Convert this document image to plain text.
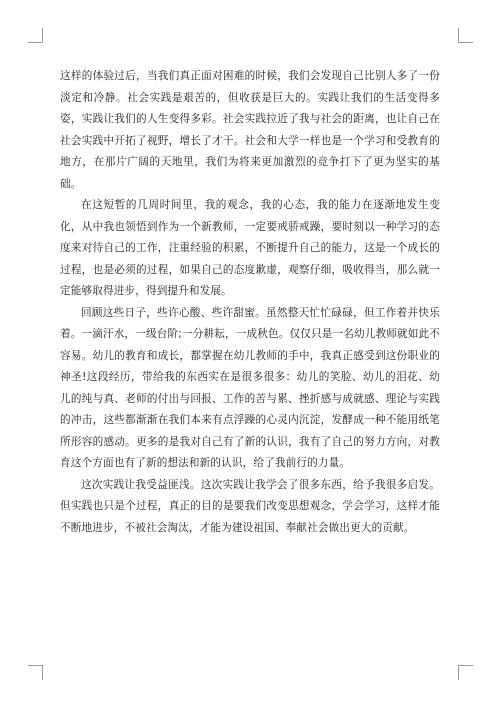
这样的体验过后，当我们真正面对困难的时候，我们会发现自己比别人多了一份淡定和冷静。社会实践是艰苦的，但收获是巨大的。实践让我们的生活变得多姿，实践让我们的人生变得多彩。社会实践拉近了我与社会的距离，也让自己在社会实践中开拓了视野，增长了才干。社会和大学一样也是一个学习和受教育的地方，在那片广阔的天地里，我们为将来更加激烈的竞争打下了更为坚实的基础。

在这短暂的几周时间里，我的观念，我的心态，我的能力在逐渐地发生变化，从中我也领悟到作为一个新教师，一定要戒骄戒躁，要时刻以一种学习的态度来对待自己的工作，注重经验的积累，不断提升自己的能力，这是一个成长的过程，也是必须的过程，如果自己的态度歉虚，观察仔细，吸收得当，那么就一定能够取得进步，得到提升和发展。

回顾这些日子，些许心酸、些许甜蜜。虽然整天忙忙碌碌，但工作着并快乐着。一滴汗水，一级台阶;一分耕耘，一成秋色。仅仅只是一名幼儿教师就如此不容易。幼儿的教育和成长，都掌握在幼儿教师的手中，我真正感受到这份职业的神圣!这段经历，带给我的东西实在是很多很多：幼儿的笑脸、幼儿的泪花、幼儿的纯与真、老师的付出与回报、工作的苦与累、挫折感与成就感、理论与实践的冲击，这些都渐渐在我们本来有点浮躁的心灵内沉淀，发酵成一种不能用纸笔所形容的感动。更多的是我对自己有了新的认识，我有了自己的努力方向，对教育这个方面也有了新的想法和新的认识，给了我前行的力量。

这次实践让我受益匪浅。这次实践让我学会了很多东西，给予我很多启发。但实践也只是个过程，真正的目的是要我们改变思想观念，学会学习，这样才能不断地进步，不被社会淘汰，才能为建设祖国、奉献社会做出更大的贡献。
